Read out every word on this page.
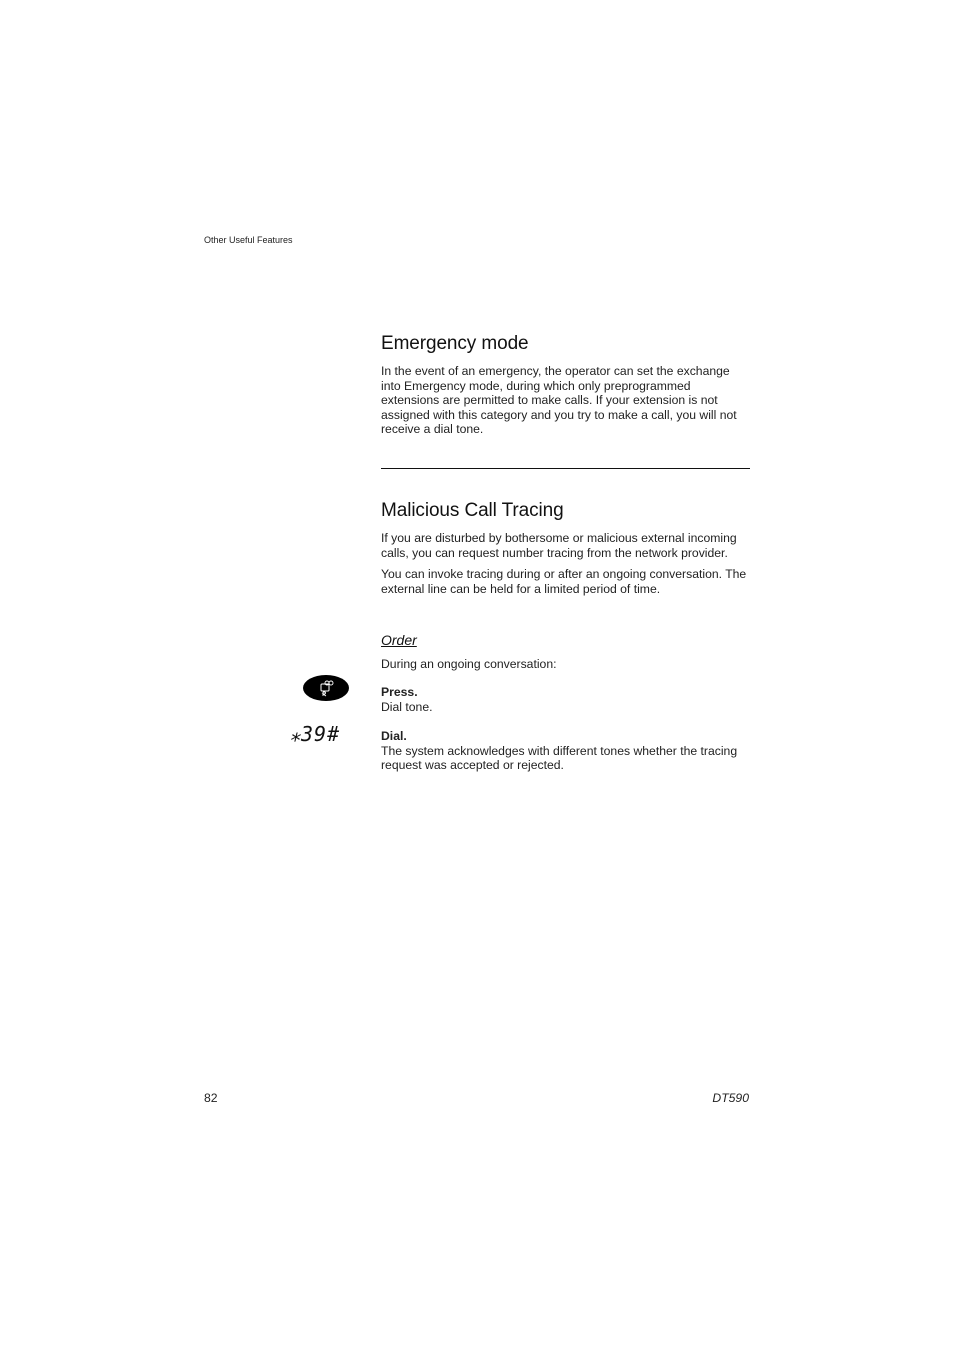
Other Useful Features
Emergency mode

In the event of an emergency, the operator can set the exchange into Emergency mode, during which only preprogrammed extensions are permitted to make calls. If your extension is not assigned with this category and you try to make a call, you will not receive a dial tone.

Malicious Call Tracing

If you are disturbed by bothersome or malicious external incoming calls, you can request number tracing from the network provider.

You can invoke tracing during or after an ongoing conversation. The external line can be held for a limited period of time.

Order

During an ongoing conversation:

Press.

Dial tone.

⁎39#	Dial.

The system acknowledges with different tones whether the tracing request was accepted or rejected.

82	DT590
